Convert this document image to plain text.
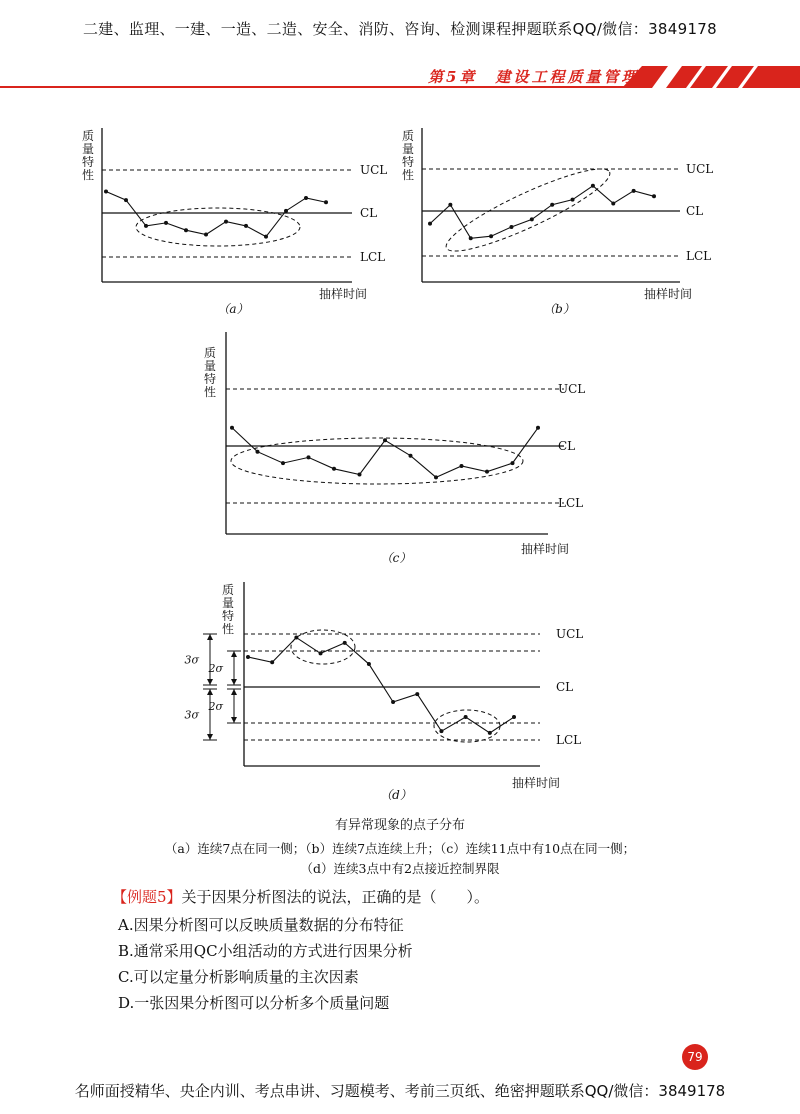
二建、监理、一建、一造、二造、安全、消防、咨询、检测课程押题联系QQ/微信：3849178
第5章　建设工程质量管理
UCL
CL
LCL
质
量
特
性
抽样时间
（a）
UCL
CL
LCL
质
量
特
性
抽样时间
（b）
UCL
CL
LCL
质
量
特
性
抽样时间
（c）
UCL
CL
LCL
质
量
特
性
抽样时间
（d）
3σ
2σ
2σ
3σ
有异常现象的点子分布
（a）连续7点在同一侧；（b）连续7点连续上升；（c）连续11点中有10点在同一侧；
（d）连续3点中有2点接近控制界限
【例题5】关于因果分析图法的说法，正确的是（　　）。
A.因果分析图可以反映质量数据的分布特征
B.通常采用QC小组活动的方式进行因果分析
C.可以定量分析影响质量的主次因素
D.一张因果分析图可以分析多个质量问题
79
名师面授精华、央企内训、考点串讲、习题模考、考前三页纸、绝密押题联系QQ/微信：3849178
